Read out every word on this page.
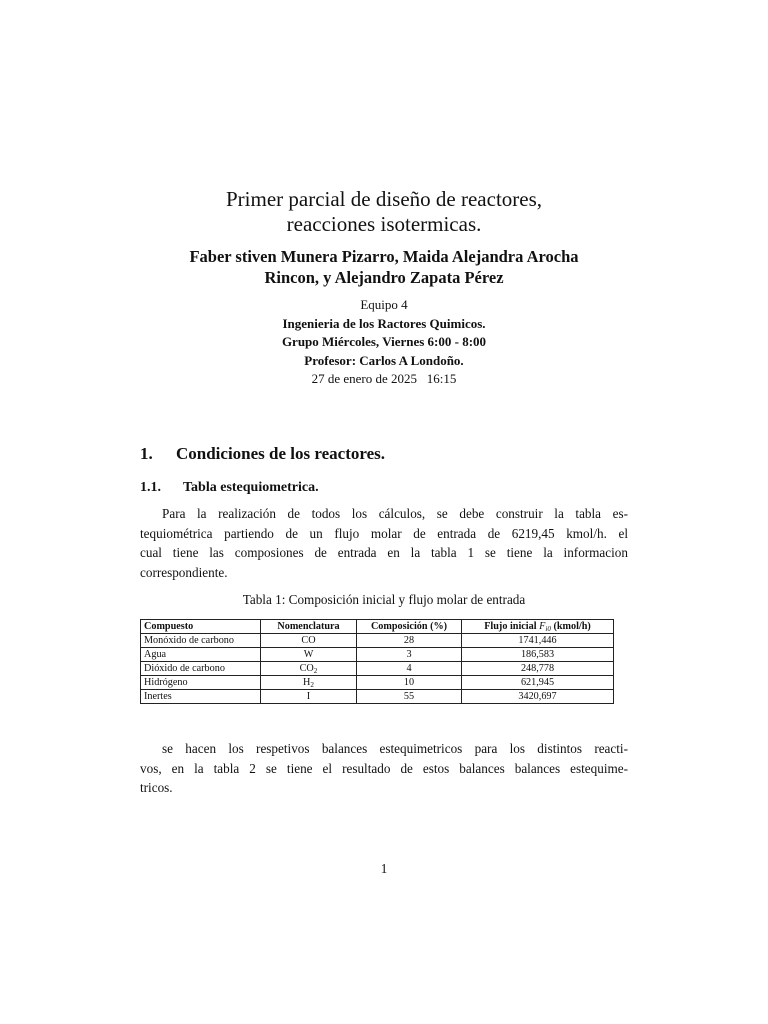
Primer parcial de diseño de reactores,
reacciones isotermicas.
Faber stiven Munera Pizarro, Maida Alejandra Arocha
Rincon, y Alejandro Zapata Pérez
Equipo 4
Ingenieria de los Ractores Quimicos.
Grupo Miércoles, Viernes 6:00 - 8:00
Profesor: Carlos A Londoño.
27 de enero de 2025   16:15
1. Condiciones de los reactores.
1.1. Tabla estequiometrica.
Para la realización de todos los cálculos, se debe construir la tabla es-
tequiométrica partiendo de un flujo molar de entrada de 6219,45 kmol/h. el
cual tiene las composiones de entrada en la tabla 1 se tiene la informacion
correspondiente.
Tabla 1: Composición inicial y flujo molar de entrada
Compuesto	Nomenclatura	Composición (%)	Flujo inicial $F_{i0}$ (kmol/h)
Monóxido de carbono	CO	28	1741,446
Agua	W	3	186,583
Dióxido de carbono	$CO_2$	4	248,778
Hidrógeno	$H_2$	10	621,945
Inertes	I	55	3420,697
se hacen los respetivos balances estequimetricos para los distintos reacti-
vos, en la tabla 2 se tiene el resultado de estos balances balances estequime-
tricos.
1
